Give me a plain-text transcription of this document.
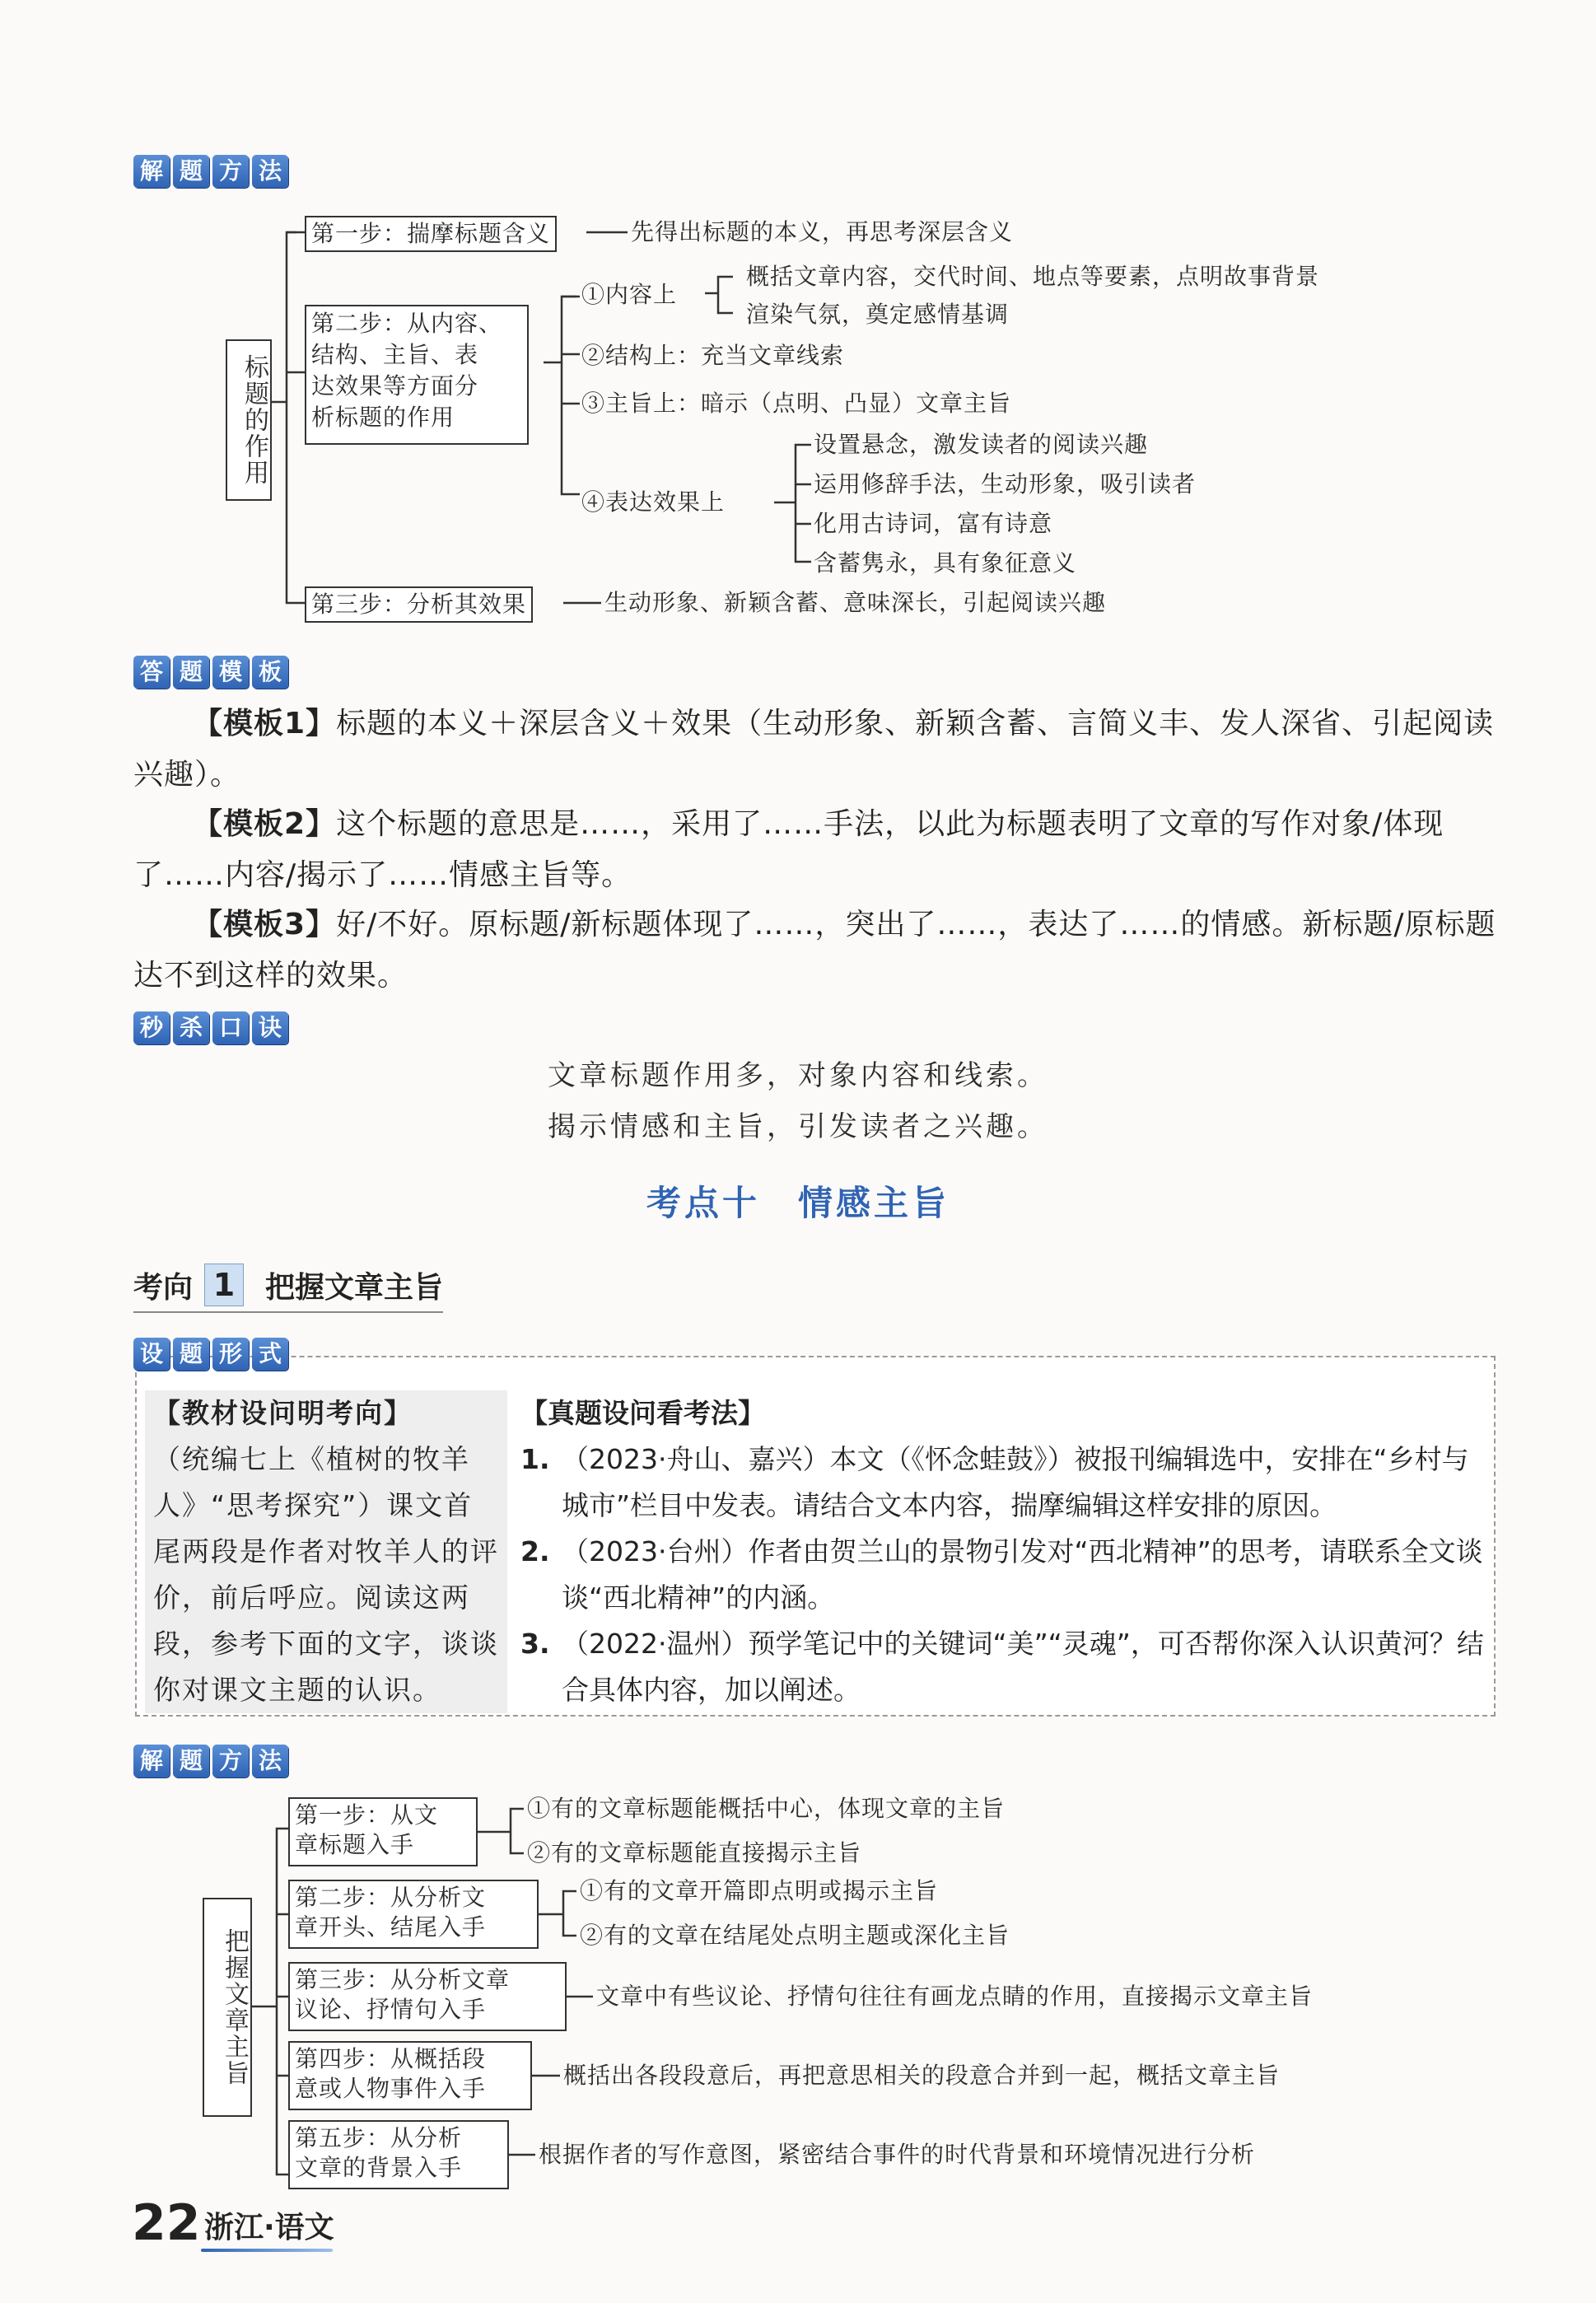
解 题 方 法
标题的作用
第一步：揣摩标题含义	先得出标题的本义，再思考深层含义
第二步：从内容、
结构、主旨、表
达效果等方面分
析标题的作用
①内容上
概括文章内容，交代时间、地点等要素，点明故事背景
渲染气氛，奠定感情基调
②结构上：充当文章线索
③主旨上：暗示（点明、凸显）文章主旨
④表达效果上
设置悬念，激发读者的阅读兴趣
运用修辞手法，生动形象，吸引读者
化用古诗词，富有诗意
含蓄隽永，具有象征意义
第三步：分析其效果	生动形象、新颖含蓄、意味深长，引起阅读兴趣
答 题 模 板
【模板1】标题的本义＋深层含义＋效果（生动形象、新颖含蓄、言简义丰、发人深省、引起阅读兴趣）。
【模板2】这个标题的意思是……，采用了……手法，以此为标题表明了文章的写作对象/体现了……内容/揭示了……情感主旨等。
【模板3】好/不好。原标题/新标题体现了……，突出了……，表达了……的情感。新标题/原标题达不到这样的效果。
秒 杀 口 诀
文章标题作用多，对象内容和线索。
揭示情感和主旨，引发读者之兴趣。
考点十　情感主旨
考向 1 把握文章主旨
设 题 形 式
【教材设问明考向】
（统编七上《植树的牧羊人》“思考探究”）课文首尾两段是作者对牧羊人的评价，前后呼应。阅读这两段，参考下面的文字，谈谈你对课文主题的认识。
【真题设问看考法】
1. （2023·舟山、嘉兴）本文（《怀念蛙鼓》）被报刊编辑选中，安排在“乡村与城市”栏目中发表。请结合文本内容，揣摩编辑这样安排的原因。
2. （2023·台州）作者由贺兰山的景物引发对“西北精神”的思考，请联系全文谈谈“西北精神”的内涵。
3. （2022·温州）预学笔记中的关键词“美”“灵魂”，可否帮你深入认识黄河？结合具体内容，加以阐述。
解 题 方 法
把握文章主旨
第一步：从文
章标题入手
①有的文章标题能概括中心，体现文章的主旨
②有的文章标题能直接揭示主旨
第二步：从分析文
章开头、结尾入手
①有的文章开篇即点明或揭示主旨
②有的文章在结尾处点明主题或深化主旨
第三步：从分析文章
议论、抒情句入手	文章中有些议论、抒情句往往有画龙点睛的作用，直接揭示文章主旨
第四步：从概括段
意或人物事件入手	概括出各段段意后，再把意思相关的段意合并到一起，概括文章主旨
第五步：从分析
文章的背景入手	根据作者的写作意图，紧密结合事件的时代背景和环境情况进行分析
22 浙江·语文
